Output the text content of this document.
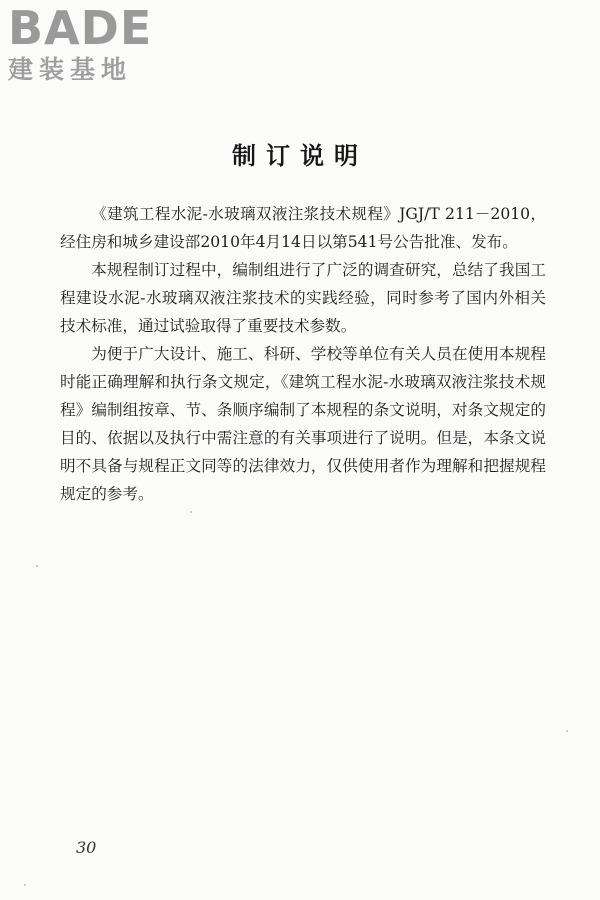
BADE
建装基地
制订说明

《建筑工程水泥-水玻璃双液注浆技术规程》JGJ/T 211－2010，经住房和城乡建设部2010年4月14日以第541号公告批准、发布。

本规程制订过程中，编制组进行了广泛的调查研究，总结了我国工程建设水泥-水玻璃双液注浆技术的实践经验，同时参考了国内外相关技术标准，通过试验取得了重要技术参数。

为便于广大设计、施工、科研、学校等单位有关人员在使用本规程时能正确理解和执行条文规定，《建筑工程水泥-水玻璃双液注浆技术规程》编制组按章、节、条顺序编制了本规程的条文说明，对条文规定的目的、依据以及执行中需注意的有关事项进行了说明。但是，本条文说明不具备与规程正文同等的法律效力，仅供使用者作为理解和把握规程规定的参考。

30
